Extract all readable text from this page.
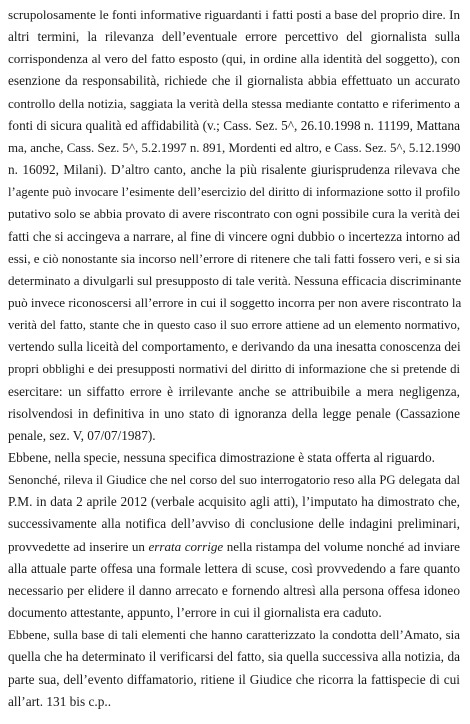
scrupolosamente le fonti informative riguardanti i fatti posti a base del proprio dire. In
altri termini, la rilevanza dell’eventuale errore percettivo del giornalista sulla
corrispondenza al vero del fatto esposto (qui, in ordine alla identità del soggetto), con
esenzione da responsabilità, richiede che il giornalista abbia effettuato un accurato
controllo della notizia, saggiata la verità della stessa mediante contatto e riferimento a
fonti di sicura qualità ed affidabilità (v.; Cass. Sez. 5^, 26.10.1998 n. 11199, Mattana
ma, anche, Cass. Sez. 5^, 5.2.1997 n. 891, Mordenti ed altro, e Cass. Sez. 5^, 5.12.1990
n. 16092, Milani). D’altro canto, anche la più risalente giurisprudenza rilevava che
l’agente può invocare l’esimente dell’esercizio del diritto di informazione sotto il profilo
putativo solo se abbia provato di avere riscontrato con ogni possibile cura la verità dei
fatti che si accingeva a narrare, al fine di vincere ogni dubbio o incertezza intorno ad
essi, e ciò nonostante sia incorso nell’errore di ritenere che tali fatti fossero veri, e si sia
determinato a divulgarli sul presupposto di tale verità. Nessuna efficacia discriminante
può invece riconoscersi all’errore in cui il soggetto incorra per non avere riscontrato la
verità del fatto, stante che in questo caso il suo errore attiene ad un elemento normativo,
vertendo sulla liceità del comportamento, e derivando da una inesatta conoscenza dei
propri obblighi e dei presupposti normativi del diritto di informazione che si pretende di
esercitare: un siffatto errore è irrilevante anche se attribuibile a mera negligenza,
risolvendosi in definitiva in uno stato di ignoranza della legge penale (Cassazione
penale, sez. V, 07/07/1987).
Ebbene, nella specie, nessuna specifica dimostrazione è stata offerta al riguardo.
Senonché, rileva il Giudice che nel corso del suo interrogatorio reso alla PG delegata dal
P.M. in data 2 aprile 2012 (verbale acquisito agli atti), l’imputato ha dimostrato che,
successivamente alla notifica dell’avviso di conclusione delle indagini preliminari,
provvedette ad inserire un errata corrige nella ristampa del volume nonché ad inviare
alla attuale parte offesa una formale lettera di scuse, così provvedendo a fare quanto
necessario per elidere il danno arrecato e fornendo altresì alla persona offesa idoneo
documento attestante, appunto, l’errore in cui il giornalista era caduto.
Ebbene, sulla base di tali elementi che hanno caratterizzato la condotta dell’Amato, sia
quella che ha determinato il verificarsi del fatto, sia quella successiva alla notizia, da
parte sua, dell’evento diffamatorio, ritiene il Giudice che ricorra la fattispecie di cui
all’art. 131 bis c.p..
